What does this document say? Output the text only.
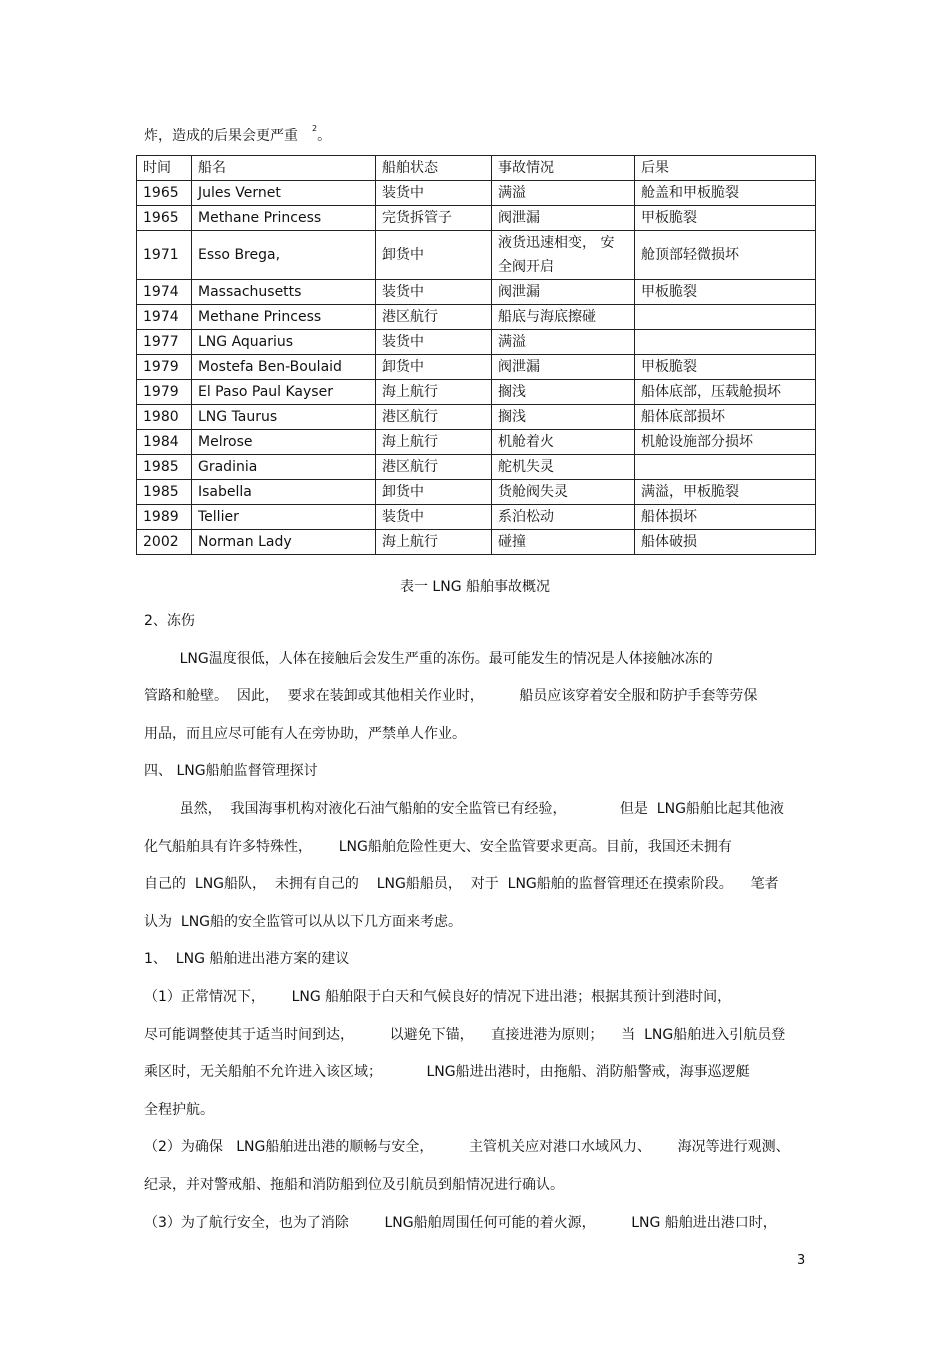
炸，造成的后果会更严重 $^2$。
时间	船名	船舶状态	事故情况	后果
1965	Jules Vernet	装货中	满溢	舱盖和甲板脆裂
1965	Methane Princess	完货拆管子	阀泄漏	甲板脆裂
1971	Esso Brega,	卸货中	液货迅速相变， 安全阀开启	舱顶部轻微损坏
1974	Massachusetts	装货中	阀泄漏	甲板脆裂
1974	Methane Princess	港区航行	船底与海底擦碰	
1977	LNG Aquarius	装货中	满溢	
1979	Mostefa Ben-Boulaid	卸货中	阀泄漏	甲板脆裂
1979	El Paso Paul Kayser	海上航行	搁浅	船体底部，压载舱损坏
1980	LNG Taurus	港区航行	搁浅	船体底部损坏
1984	Melrose	海上航行	机舱着火	机舱设施部分损坏
1985	Gradinia	港区航行	舵机失灵	
1985	Isabella	卸货中	货舱阀失灵	满溢，甲板脆裂
1989	Tellier	装货中	系泊松动	船体损坏
2002	Norman Lady	海上航行	碰撞	船体破损
表一 LNG 船舶事故概况

2、冻伤

LNG温度很低，人体在接触后会发生严重的冻伤。最可能发生的情况是人体接触冰冻的

管路和舱壁。  因此，  要求在装卸或其他相关作业时，        船员应该穿着安全服和防护手套等劳保

用品，而且应尽可能有人在旁协助，严禁单人作业。

四、 LNG船舶监督管理探讨

虽然，  我国海事机构对液化石油气船舶的安全监管已有经验，            但是  LNG船舶比起其他液

化气船舶具有许多特殊性，      LNG船舶危险性更大、安全监管要求更高。目前，我国还未拥有

自己的  LNG船队，  未拥有自己的    LNG船船员，  对于  LNG船舶的监督管理还在摸索阶段。    笔者

认为  LNG船的安全监管可以从以下几方面来考虑。

1、  LNG 船舶进出港方案的建议

（1）正常情况下，      LNG 船舶限于白天和气候良好的情况下进出港；根据其预计到港时间，

尽可能调整使其于适当时间到达，        以避免下锚，    直接进港为原则；    当  LNG船舶进入引航员登

乘区时，无关船舶不允许进入该区域；          LNG船进出港时，由拖船、消防船警戒，海事巡逻艇

全程护航。

（2）为确保   LNG船舶进出港的顺畅与安全，        主管机关应对港口水域风力、      海况等进行观测、

纪录，并对警戒船、拖船和消防船到位及引航员到船情况进行确认。

（3）为了航行安全，也为了消除        LNG船舶周围任何可能的着火源，        LNG 船舶进出港口时，

3
